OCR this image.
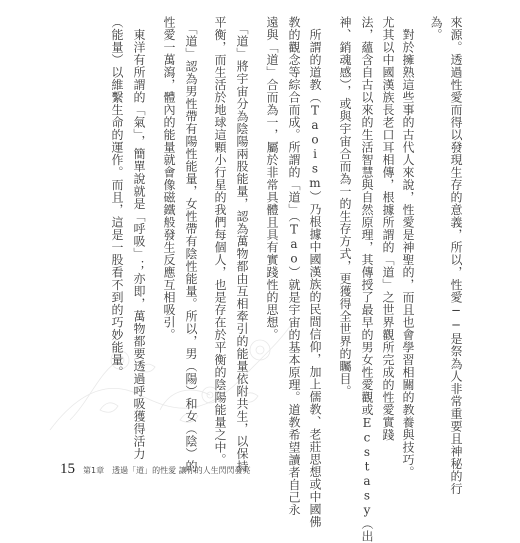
來源。透過性愛而得以發現生存的意義，所以，性愛──是祭為人非常重要且神秘的行
為。
　對於擁熟這些事的古代人來說，性愛是神聖的，而且也會學習相關的教養與技巧。
尤其以中國漢族長老口耳相傳，根據所謂的「道」之世界觀所完成的性愛實踐
法，蘊含自古以來的生活智慧與自然原理，其傳授了最早的男女性愛觀或Ecstasy（出
神、銷魂感），或與宇宙合而為一的生存方式，更獲得全世界的矚目。
　所謂的道教（Taoism）乃根據中國漢族的民間信仰，加上儒教、老莊思想或中國佛
教的觀念等綜合而成。所謂的「道」（Tao）就是宇宙的基本原理。道教希望讀者自己永
遠與「道」合而為一，屬於非常具體且具有實踐性的思想。
　「道」將宇宙分為陰陽兩股能量，認為萬物都由互相牽引的能量依附共生，以保持
平衡，而生活於地球這顆小行星的我們每個人，也是存在於平衡的陰陽能量之中。
　「道」認為男性帶有陽性能量，女性帶有陰性能量。所以，男（陽）和女（陰）的
性愛一萬瀉，體內的能量就會像磁鐵般發生反應互相吸引。
　東洋有所謂的「氣」，簡單說就是「呼吸」；亦即，萬物都要透過呼吸獲得活力
（能量）以維繫生命的運作。而且，這是一股看不到的巧妙能量。
15 第1章 透過「道」的性愛 讓你的人生閃閃發亮
